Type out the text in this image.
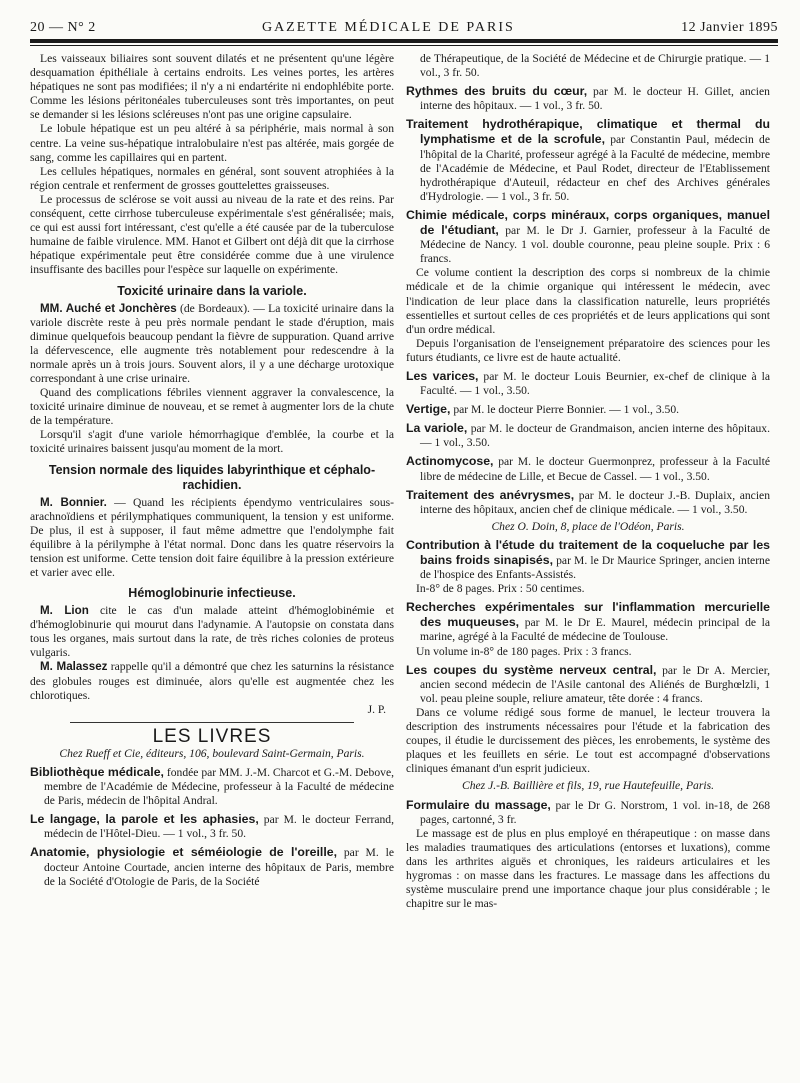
20 — N° 2	GAZETTE MÉDICALE DE PARIS	12 Janvier 1895

Les vaisseaux biliaires sont souvent dilatés et ne présentent qu'une légère desquamation épithéliale à certains endroits. Les veines portes, les artères hépatiques ne sont pas modifiées; il n'y a ni endartérite ni endophlébite porte. Comme les lésions péritonéales tuberculeuses sont très importantes, on peut se demander si les lésions scléreuses n'ont pas une origine capsulaire.

Le lobule hépatique est un peu altéré à sa périphérie, mais normal à son centre. La veine sus-hépatique intralobulaire n'est pas altérée, mais gorgée de sang, comme les capillaires qui en partent.

Les cellules hépatiques, normales en général, sont souvent atrophiées à la région centrale et renferment de grosses gouttelettes graisseuses.

Le processus de sclérose se voit aussi au niveau de la rate et des reins. Par conséquent, cette cirrhose tuberculeuse expérimentale s'est généralisée; mais, ce qui est aussi fort intéressant, c'est qu'elle a été causée par de la tuberculose humaine de faible virulence. MM. Hanot et Gilbert ont déjà dit que la cirrhose hépatique expérimentale peut être considérée comme due à une virulence insuffisante des bacilles pour l'espèce sur laquelle on expérimente.

Toxicité urinaire dans la variole.

MM. Auché et Jonchères (de Bordeaux). — La toxicité urinaire dans la variole discrète reste à peu près normale pendant le stade d'éruption, mais diminue quelquefois beaucoup pendant la fièvre de suppuration. Quand arrive la défervescence, elle augmente très notablement pour redescendre à la normale après un à trois jours. Souvent alors, il y a une décharge urotoxique correspondant à une crise urinaire.

Quand des complications fébriles viennent aggraver la convalescence, la toxicité urinaire diminue de nouveau, et se remet à augmenter lors de la chute de la température.

Lorsqu'il s'agit d'une variole hémorrhagique d'emblée, la courbe et la toxicité urinaires baissent jusqu'au moment de la mort.

Tension normale des liquides labyrinthique et céphalo-rachidien.

M. Bonnier. — Quand les récipients épendymo ventriculaires sous-arachnoïdiens et périlymphatiques communiquent, la tension y est uniforme. De plus, il est à supposer, il faut même admettre que l'endolymphe fait équilibre à la périlymphe à l'état normal. Donc dans les quatre réservoirs la tension est uniforme. Cette tension doit faire équilibre à la pression extérieure et varier avec elle.

Hémoglobinurie infectieuse.

M. Lion cite le cas d'un malade atteint d'hémoglobinémie et d'hémoglobinurie qui mourut dans l'adynamie. A l'autopsie on constata dans tous les organes, mais surtout dans la rate, de très riches colonies de proteus vulgaris.

M. Malassez rappelle qu'il a démontré que chez les saturnins la résistance des globules rouges est diminuée, alors qu'elle est augmentée chez les chlorotiques.

J. P.
LES LIVRES
Chez Rueff et Cie, éditeurs, 106, boulevard Saint-Germain, Paris.
Bibliothèque médicale, fondée par MM. J.-M. Charcot et G.-M. Debove, membre de l'Académie de Médecine, professeur à la Faculté de médecine de Paris, médecin de l'hôpital Andral.
Le langage, la parole et les aphasies, par M. le docteur Ferrand, médecin de l'Hôtel-Dieu. — 1 vol., 3 fr. 50.
Anatomie, physiologie et séméiologie de l'oreille, par M. le docteur Antoine Courtade, ancien interne des hôpitaux de Paris, membre de la Société d'Otologie de Paris, de la Société

de Thérapeutique, de la Société de Médecine et de Chirurgie pratique. — 1 vol., 3 fr. 50.

Rythmes des bruits du cœur, par M. le docteur H. Gillet, ancien interne des hôpitaux. — 1 vol., 3 fr. 50.
Traitement hydrothérapique, climatique et thermal du lymphatisme et de la scrofule, par Constantin Paul, médecin de l'hôpital de la Charité, professeur agrégé à la Faculté de médecine, membre de l'Académie de Médecine, et Paul Rodet, directeur de l'Etablissement hydrothérapique d'Auteuil, rédacteur en chef des Archives générales d'Hydrologie. — 1 vol., 3 fr. 50.
Chimie médicale, corps minéraux, corps organiques, manuel de l'étudiant, par M. le Dr J. Garnier, professeur à la Faculté de Médecine de Nancy. 1 vol. double couronne, peau pleine souple. Prix : 6 francs.

Ce volume contient la description des corps si nombreux de la chimie médicale et de la chimie organique qui intéressent le médecin, avec l'indication de leur place dans la classification naturelle, leurs propriétés essentielles et surtout celles de ces propriétés et de leurs applications qui sont d'un ordre médical.

Depuis l'organisation de l'enseignement préparatoire des sciences pour les futurs étudiants, ce livre est de haute actualité.

Les varices, par M. le docteur Louis Beurnier, ex-chef de clinique à la Faculté. — 1 vol., 3.50.
Vertige, par M. le docteur Pierre Bonnier. — 1 vol., 3.50.
La variole, par M. le docteur de Grandmaison, ancien interne des hôpitaux. — 1 vol., 3.50.
Actinomycose, par M. le docteur Guermonprez, professeur à la Faculté libre de médecine de Lille, et Becue de Cassel. — 1 vol., 3.50.
Traitement des anévrysmes, par M. le docteur J.-B. Duplaix, ancien interne des hôpitaux, ancien chef de clinique médicale. — 1 vol., 3.50.
Chez O. Doin, 8, place de l'Odéon, Paris.
Contribution à l'étude du traitement de la coqueluche par les bains froids sinapisés, par M. le Dr Maurice Springer, ancien interne de l'hospice des Enfants-Assistés.

In-8° de 8 pages. Prix : 50 centimes.

Recherches expérimentales sur l'inflammation mercurielle des muqueuses, par M. le Dr E. Maurel, médecin principal de la marine, agrégé à la Faculté de médecine de Toulouse.

Un volume in-8° de 180 pages. Prix : 3 francs.

Les coupes du système nerveux central, par le Dr A. Mercier, ancien second médecin de l'Asile cantonal des Aliénés de Burghœlzli, 1 vol. peau pleine souple, reliure amateur, tête dorée : 4 francs.

Dans ce volume rédigé sous forme de manuel, le lecteur trouvera la description des instruments nécessaires pour l'étude et la fabrication des coupes, il étudie le durcissement des pièces, les enrobements, le système des plaques et les feuillets en série. Le tout est accompagné d'observations cliniques émanant d'un esprit judicieux.

Chez J.-B. Baillière et fils, 19, rue Hautefeuille, Paris.
Formulaire du massage, par le Dr G. Norstrom, 1 vol. in-18, de 268 pages, cartonné, 3 fr.

Le massage est de plus en plus employé en thérapeutique : on masse dans les maladies traumatiques des articulations (entorses et luxations), comme dans les arthrites aiguës et chroniques, les raideurs articulaires et les hygromas : on masse dans les fractures. Le massage dans les affections du système musculaire prend une importance chaque jour plus considérable ; le chapitre sur le mas-
